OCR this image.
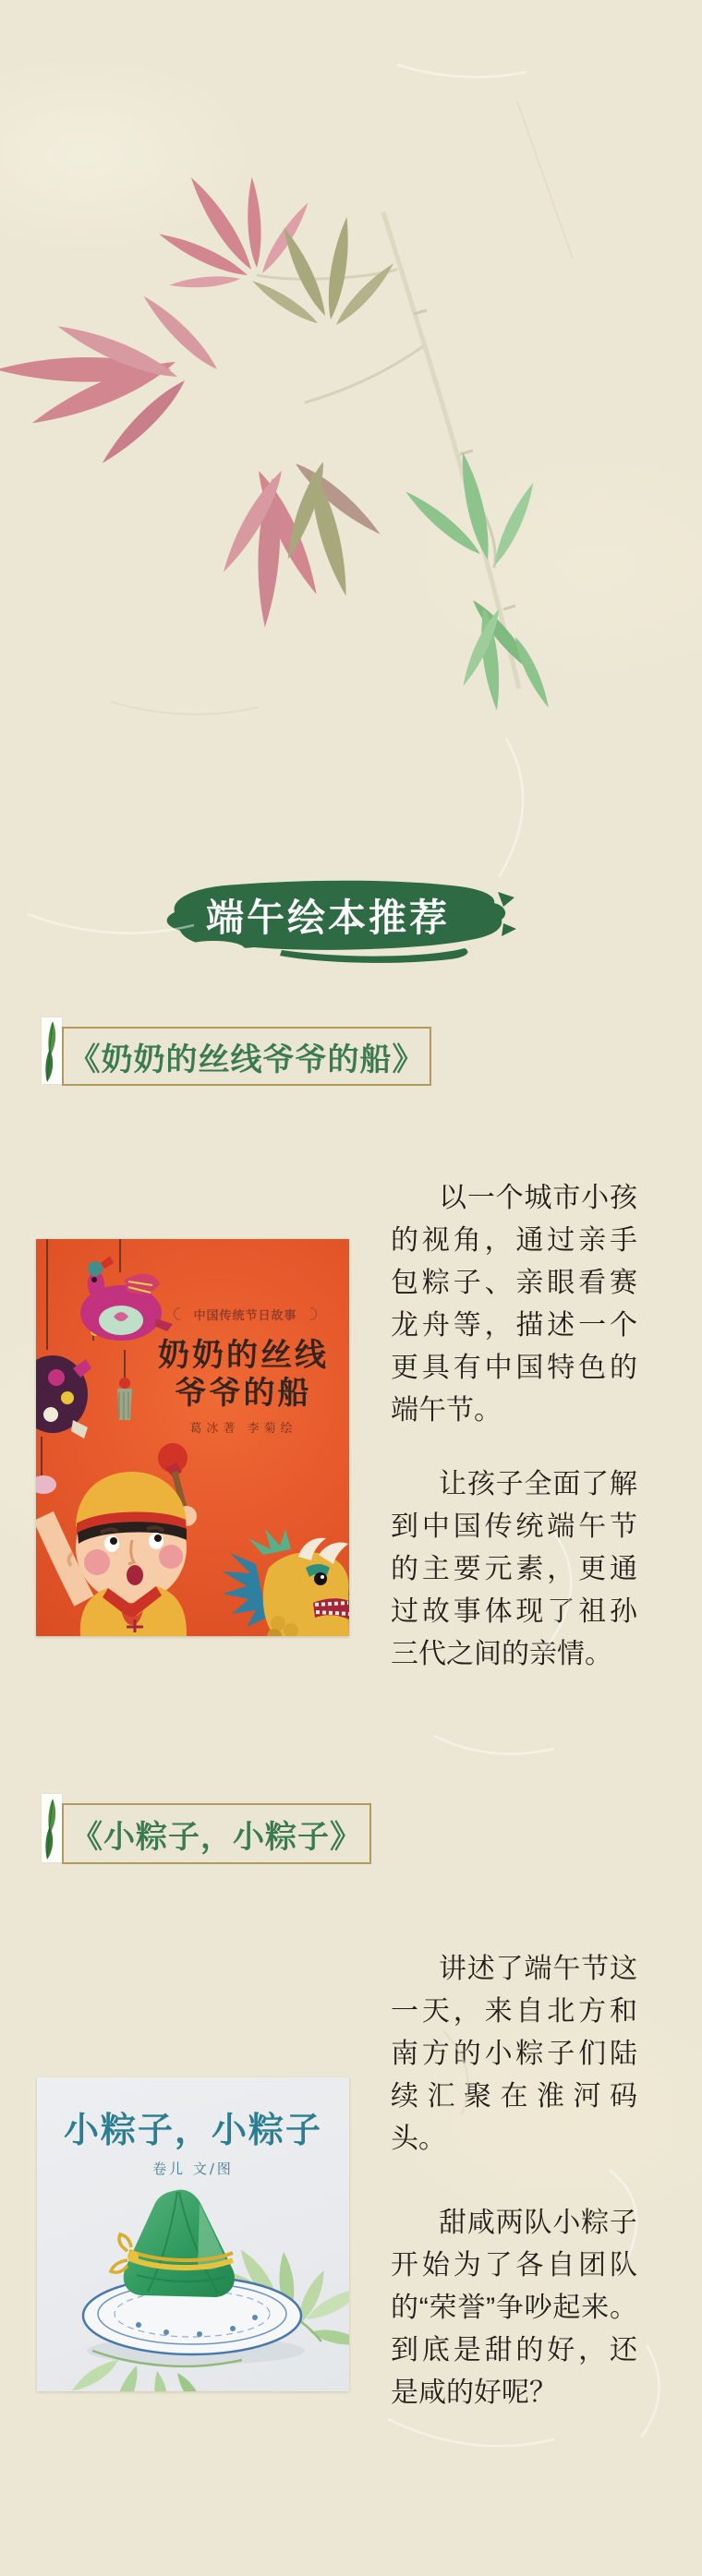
端午绘本推荐
《奶奶的丝线爷爷的船》
中国传统节日故事
奶奶的丝线
爷爷的船
葛冰著 李菊绘

以一个城市小孩的视角，通过亲手包粽子、亲眼看赛龙舟等，描述一个更具有中国特色的端午节。

让孩子全面了解到中国传统端午节的主要元素，更通过故事体现了祖孙三代之间的亲情。

《小粽子，小粽子》
小粽子，小粽子
卷儿 文/图

讲述了端午节这一天，来自北方和南方的小粽子们陆续汇聚在淮河码头。

甜咸两队小粽子开始为了各自团队的“荣誉”争吵起来。到底是甜的好，还是咸的好呢？
